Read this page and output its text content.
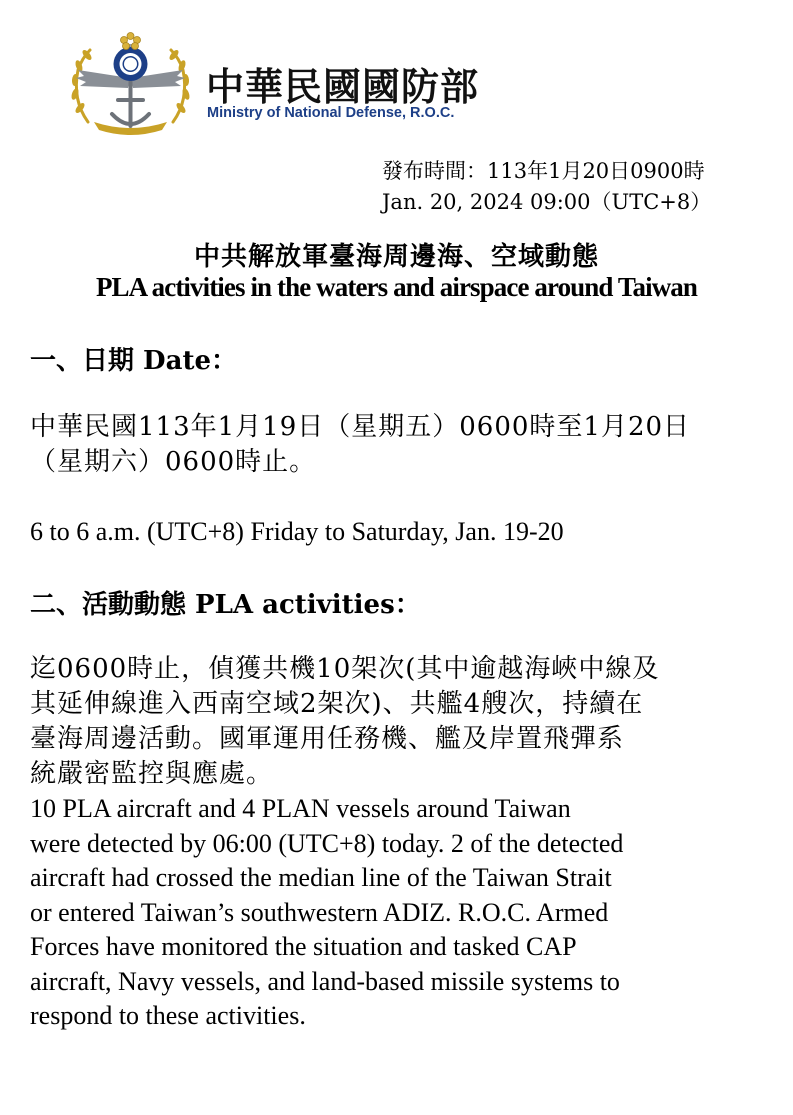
中華民國國防部
Ministry of National Defense, R.O.C.
發布時間：113年1月20日0900時
Jan. 20, 2024 09:00（UTC+8）
中共解放軍臺海周邊海、空域動態
PLA activities in the waters and airspace around Taiwan
一、日期 Date：
中華民國113年1月19日（星期五）0600時至1月20日
（星期六）0600時止。
6 to 6 a.m. (UTC+8) Friday to Saturday, Jan. 19-20
二、活動動態 PLA activities：
迄0600時止，偵獲共機10架次(其中逾越海峽中線及
其延伸線進入西南空域2架次)、共艦4艘次，持續在
臺海周邊活動。國軍運用任務機、艦及岸置飛彈系
統嚴密監控與應處。
10 PLA aircraft and 4 PLAN vessels around Taiwan
were detected by 06:00 (UTC+8) today. 2 of the detected
aircraft had crossed the median line of the Taiwan Strait
or entered Taiwan’s southwestern ADIZ. R.O.C. Armed
Forces have monitored the situation and tasked CAP
aircraft, Navy vessels, and land-based missile systems to
respond to these activities.
